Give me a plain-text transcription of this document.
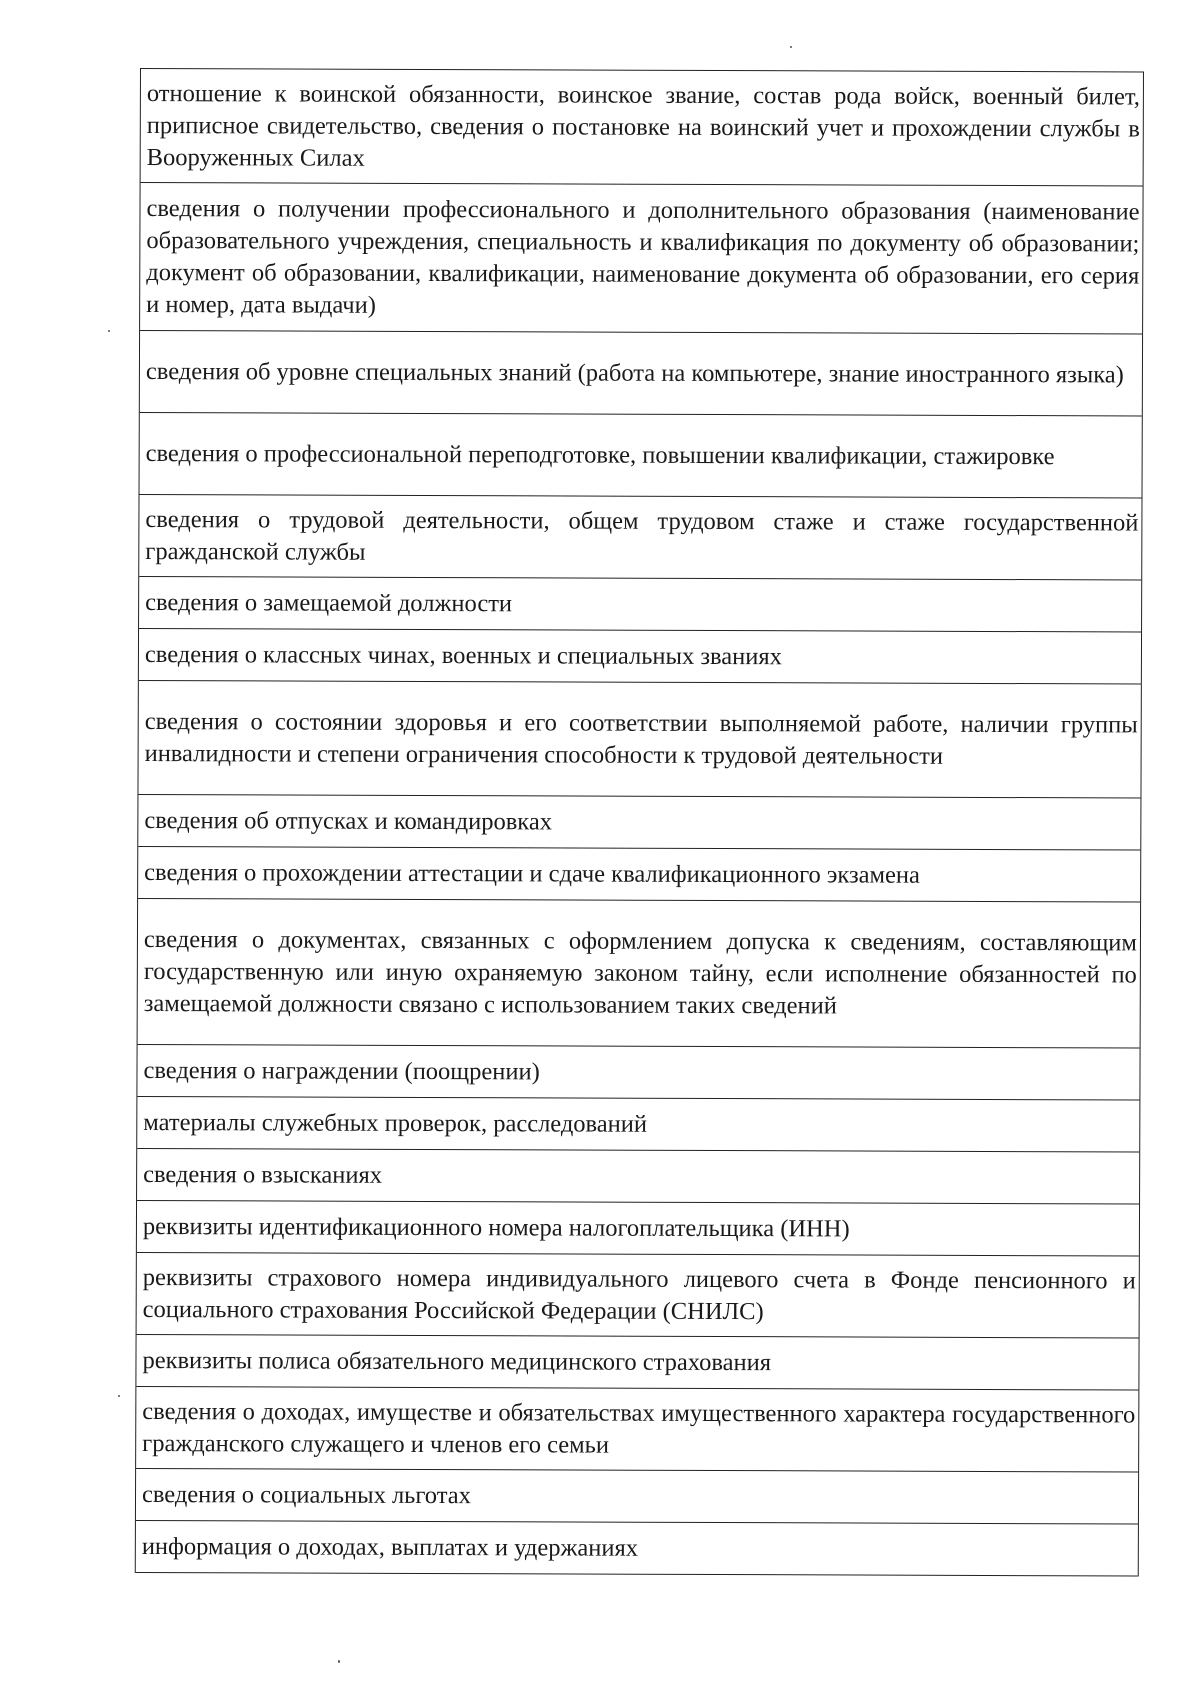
отношение к воинской обязанности, воинское звание, состав рода войск, военный билет, приписное свидетельство, сведения о постановке на воинский учет и прохождении службы в Вооруженных Силах
сведения о получении профессионального и дополнительного образования (наименование образовательного учреждения, специальность и квалификация по документу об образовании; документ об образовании, квалификации, наименование документа об образовании, его серия и номер, дата выдачи)
сведения об уровне специальных знаний (работа на компьютере, знание иностранного языка)
сведения о профессиональной переподготовке, повышении квалификации, стажировке
сведения о трудовой деятельности, общем трудовом стаже и стаже государственной гражданской службы
сведения о замещаемой должности
сведения о классных чинах, военных и специальных званиях
сведения о состоянии здоровья и его соответствии выполняемой работе, наличии группы инвалидности и степени ограничения способности к трудовой деятельности
сведения об отпусках и командировках
сведения о прохождении аттестации и сдаче квалификационного экзамена
сведения о документах, связанных с оформлением допуска к сведениям, составляющим государственную или иную охраняемую законом тайну, если исполнение обязанностей по замещаемой должности связано с использованием таких сведений
сведения о награждении (поощрении)
материалы служебных проверок, расследований
сведения о взысканиях
реквизиты идентификационного номера налогоплательщика (ИНН)
реквизиты страхового номера индивидуального лицевого счета в Фонде пенсионного и социального страхования Российской Федерации (СНИЛС)
реквизиты полиса обязательного медицинского страхования
сведения о доходах, имуществе и обязательствах имущественного характера государственного гражданского служащего и членов его семьи
сведения о социальных льготах
информация о доходах, выплатах и удержаниях
